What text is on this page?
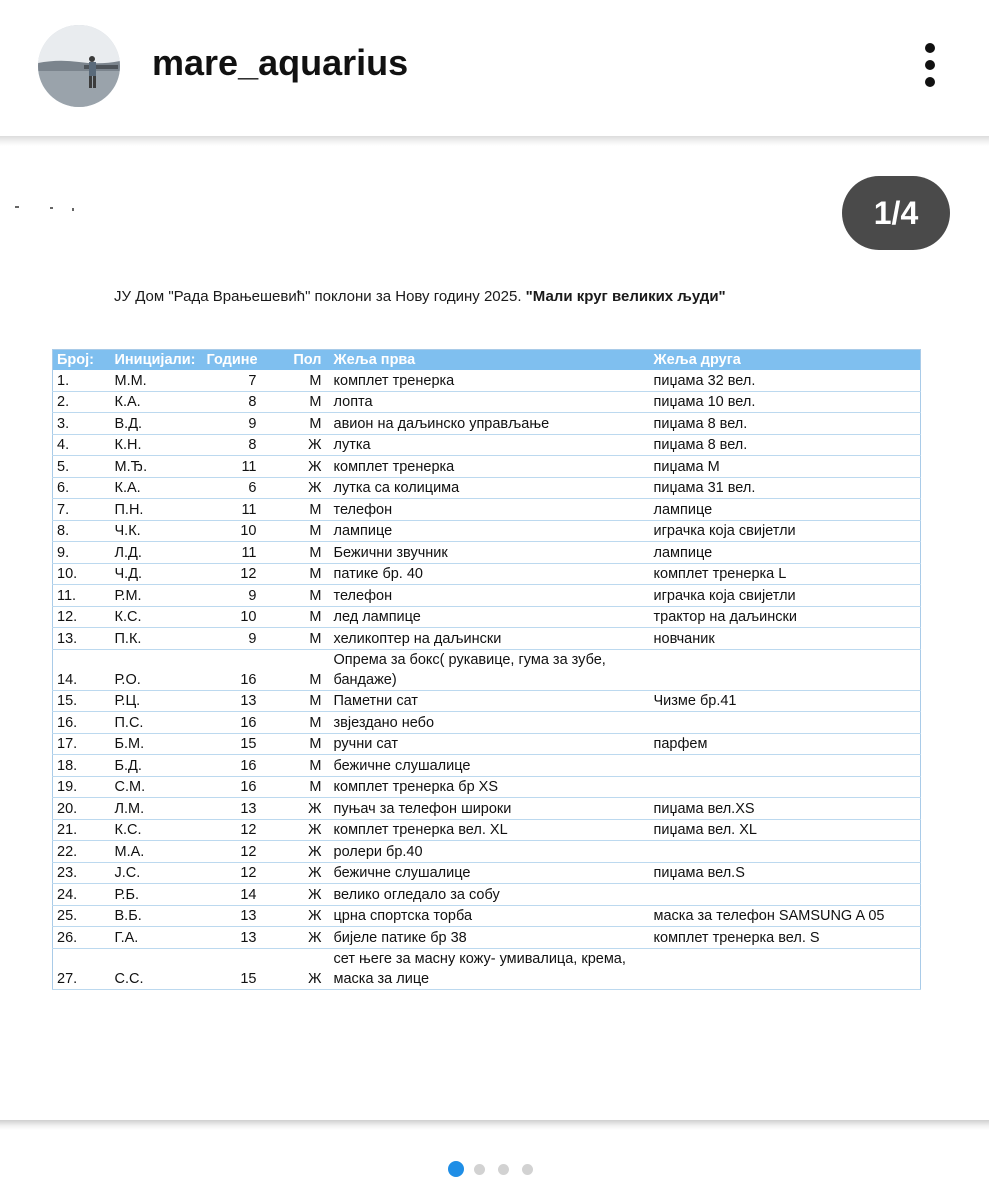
mare_aquarius
1/4
ЈУ Дом "Рада Врањешевић" поклони за Нову годину 2025. "Мали круг великих људи"
Број:	Иницијали:	Године	Пол	Жеља прва	Жеља друга
1.	М.М.	7	М	комплет тренерка	пиџама 32 вел.
2.	К.А.	8	М	лопта	пиџама 10 вел.
3.	В.Д.	9	М	авион на даљинско управљање	пиџама 8 вел.
4.	К.Н.	8	Ж	лутка	пиџама 8 вел.
5.	М.Ђ.	11	Ж	комплет тренерка	пиџама М
6.	К.А.	6	Ж	лутка са колицима	пиџама 31 вел.
7.	П.Н.	11	М	телефон	лампице
8.	Ч.К.	10	М	лампице	играчка која свијетли
9.	Л.Д.	11	М	Бежични звучник	лампице
10.	Ч.Д.	12	М	патике бр. 40	комплет тренерка L
11.	Р.М.	9	М	телефон	играчка која свијетли
12.	К.С.	10	М	лед лампице	трактор на даљински
13.	П.К.	9	М	хеликоптер на даљински	новчаник
14.	Р.О.	16	М	Опрема за бокс( рукавице, гума за зубе, бандаже)	
15.	Р.Ц.	13	М	Паметни сат	Чизме бр.41
16.	П.С.	16	М	звјездано небо	
17.	Б.М.	15	М	ручни сат	парфем
18.	Б.Д.	16	М	бежичне слушалице	
19.	С.М.	16	М	комплет тренерка бр XS	
20.	Л.М.	13	Ж	пуњач за телефон широки	пиџама вел.XS
21.	К.С.	12	Ж	комплет тренерка вел. XL	пиџама вел. XL
22.	М.А.	12	Ж	ролери бр.40	
23.	Ј.С.	12	Ж	бежичне слушалице	пиџама вел.S
24.	Р.Б.	14	Ж	велико огледало за собу	
25.	В.Б.	13	Ж	црна спортска торба	маска за телефон SAMSUNG A 05
26.	Г.А.	13	Ж	бијеле патике бр 38	комплет тренерка вел. S
27.	С.С.	15	Ж	сет његе за масну кожу- умивалица, крема, маска за лице	
